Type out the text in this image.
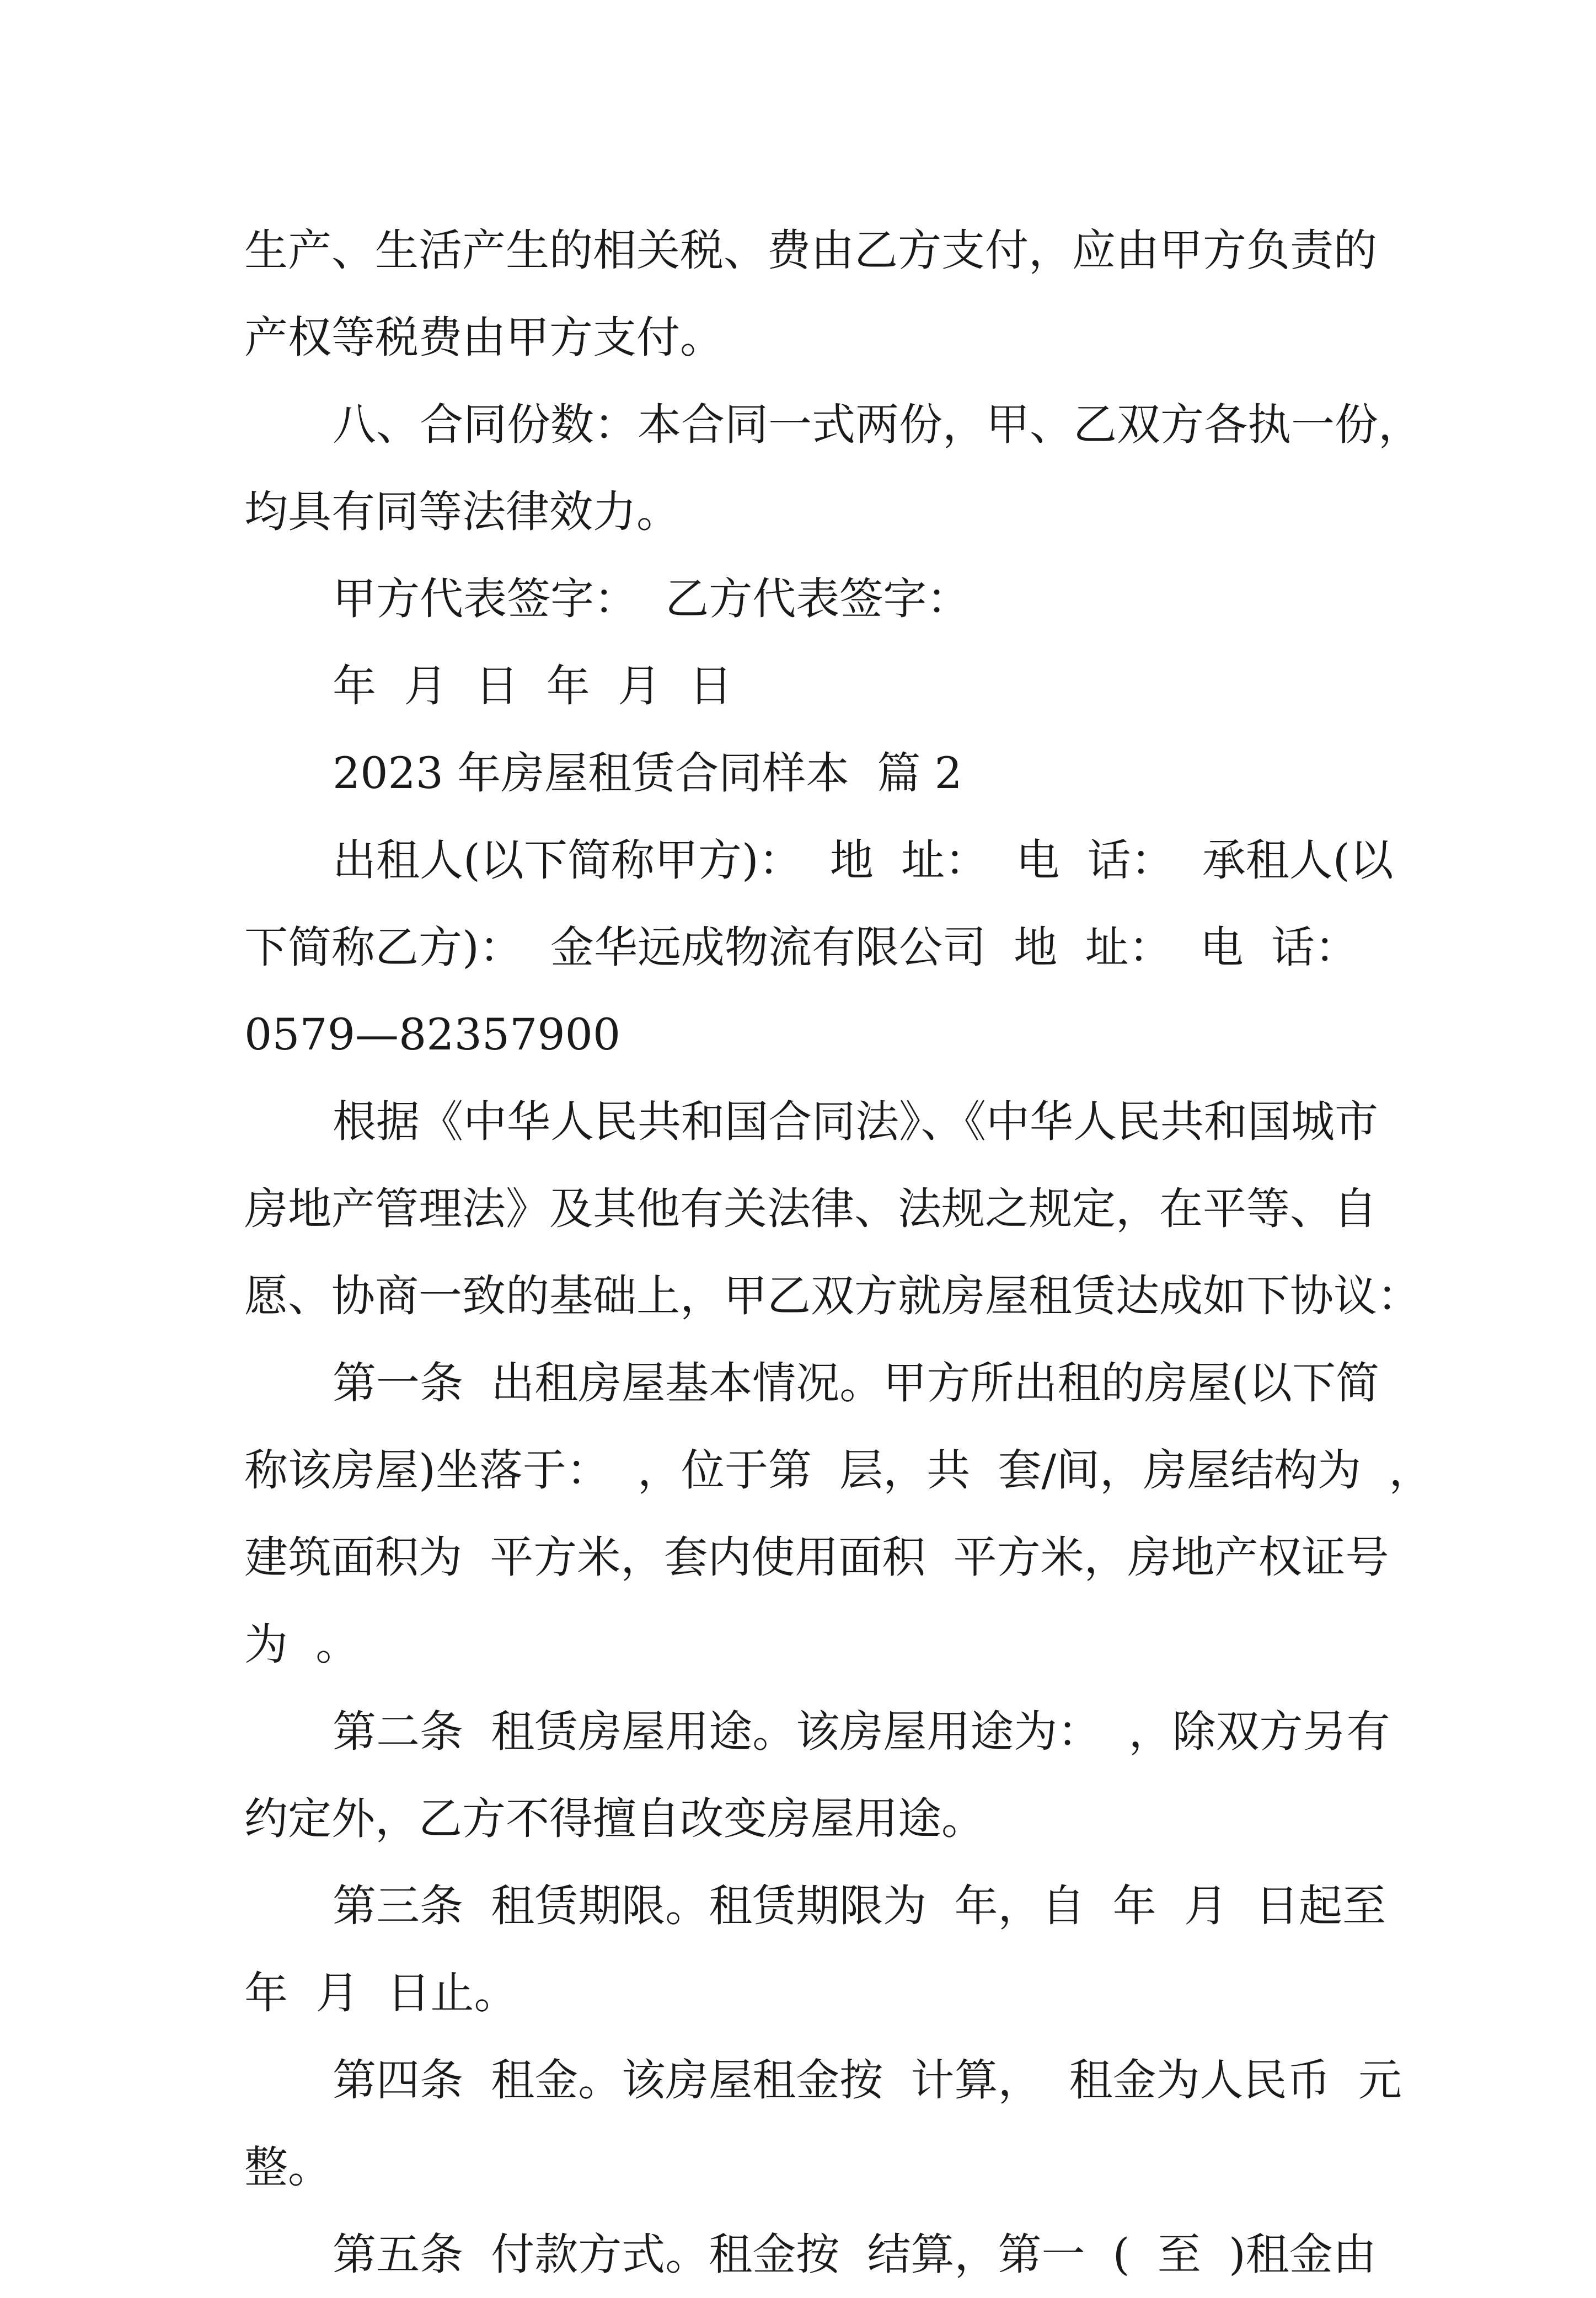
生产、生活产生的相关税、费由乙方支付，应由甲方负责的
产权等税费由甲方支付。
八、合同份数：本合同一式两份，甲、乙双方各执一份，
均具有同等法律效力。
甲方代表签字：  乙方代表签字：
年  月  日  年  月  日
2023 年房屋租赁合同样本  篇 2
出租人(以下简称甲方)：  地  址：  电  话：  承租人(以
下简称乙方)：  金华远成物流有限公司  地  址：  电  话：
0579—82357900
根据《中华人民共和国合同法》、《中华人民共和国城市
房地产管理法》及其他有关法律、法规之规定，在平等、自
愿、协商一致的基础上，甲乙双方就房屋租赁达成如下协议：
第一条  出租房屋基本情况。甲方所出租的房屋(以下简
称该房屋)坐落于：  ，位于第  层，共  套/间，房屋结构为  ，
建筑面积为  平方米，套内使用面积  平方米，房地产权证号
为  。
第二条  租赁房屋用途。该房屋用途为：  ，除双方另有
约定外，乙方不得擅自改变房屋用途。
第三条  租赁期限。租赁期限为  年，自  年  月  日起至
年  月  日止。
第四条  租金。该房屋租金按  计算，  租金为人民币  元
整。
第五条  付款方式。租金按  结算，第一  (  至  )租金由
